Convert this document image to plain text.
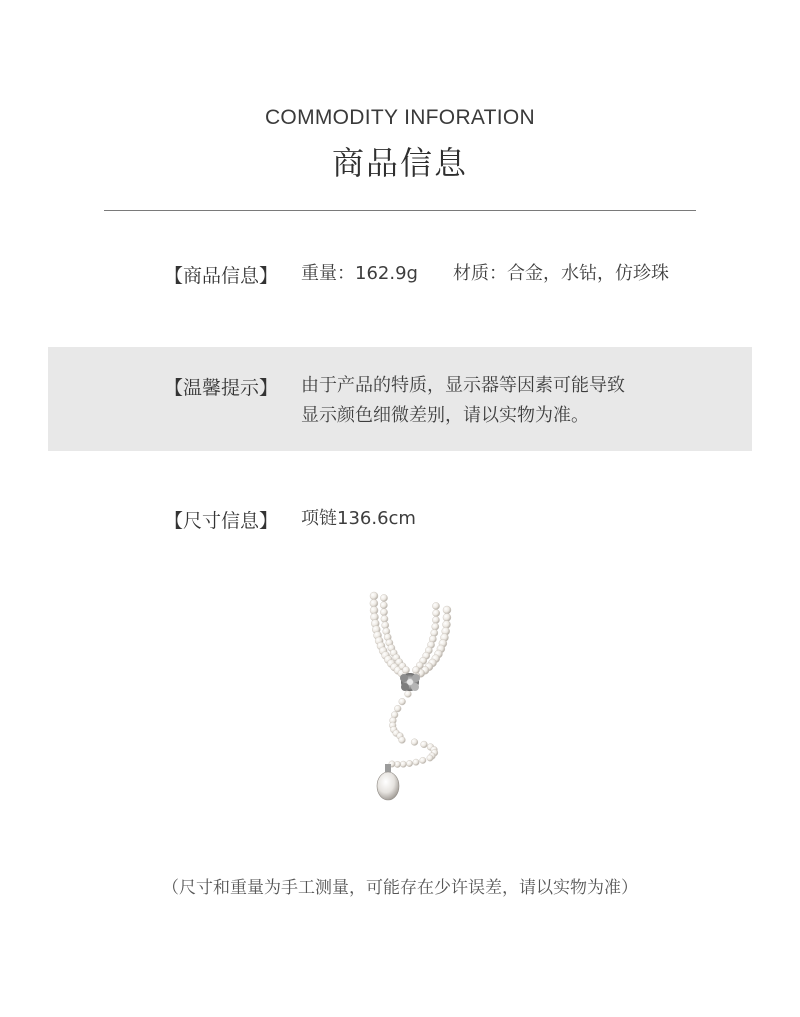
COMMODITY INFORATION
商品信息
【商品信息】 重量：162.9g 材质：合金，水钻，仿珍珠
【温馨提示】 由于产品的特质，显示器等因素可能导致
显示颜色细微差别，请以实物为准。
【尺寸信息】 项链136.6cm
（尺寸和重量为手工测量，可能存在少许误差，请以实物为准）
